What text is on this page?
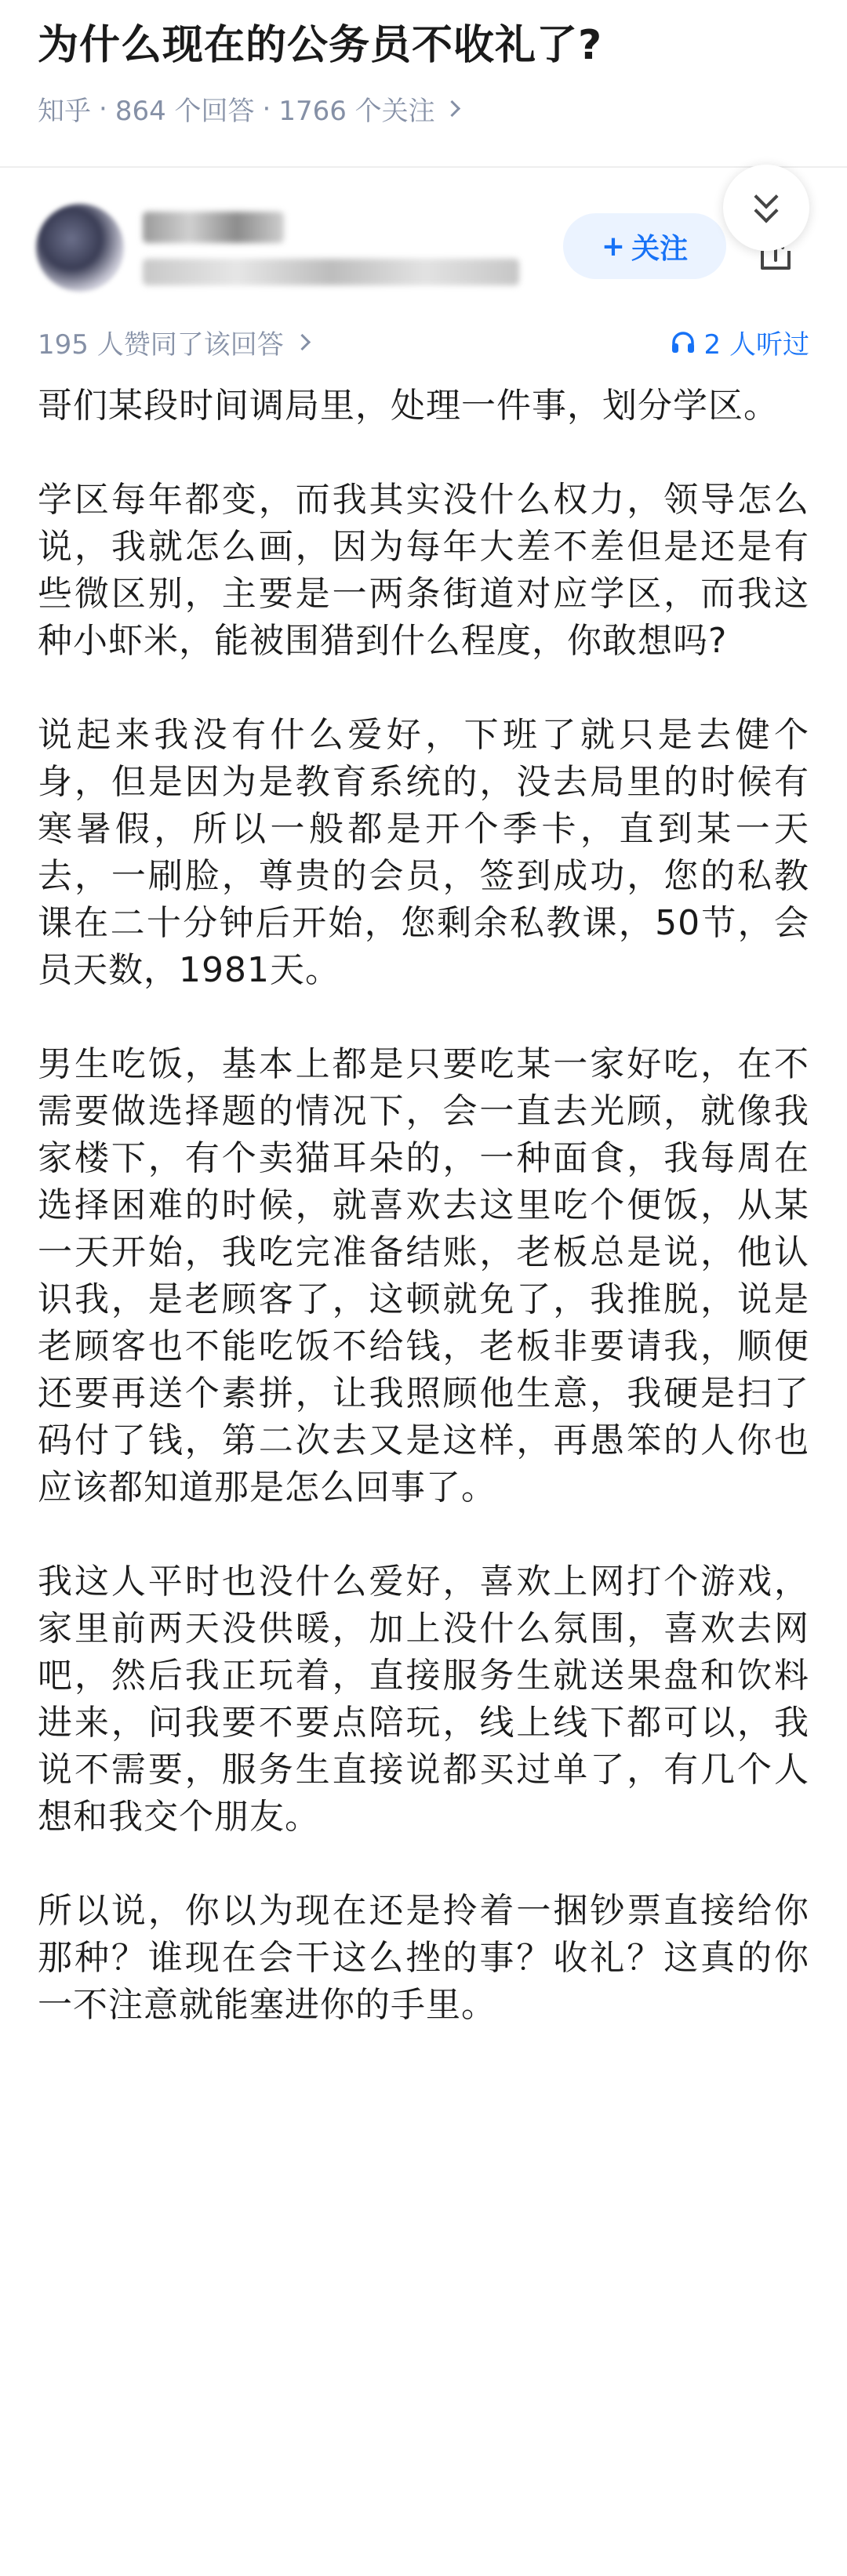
为什么现在的公务员不收礼了?
知乎 · 864 个回答 · 1766 个关注
+ 关注
195 人赞同了该回答	2 人听过

哥们某段时间调局里，处理一件事，划分学区。

学区每年都变，而我其实没什么权力，领导怎么说，我就怎么画，因为每年大差不差但是还是有些微区别，主要是一两条街道对应学区，而我这种小虾米，能被围猎到什么程度，你敢想吗?

说起来我没有什么爱好，下班了就只是去健个身，但是因为是教育系统的，没去局里的时候有寒暑假，所以一般都是开个季卡，直到某一天去，一刷脸，尊贵的会员，签到成功，您的私教课在二十分钟后开始，您剩余私教课，50节，会员天数，1981天。

男生吃饭，基本上都是只要吃某一家好吃，在不需要做选择题的情况下，会一直去光顾，就像我家楼下，有个卖猫耳朵的，一种面食，我每周在选择困难的时候，就喜欢去这里吃个便饭，从某一天开始，我吃完准备结账，老板总是说，他认识我，是老顾客了，这顿就免了，我推脱，说是老顾客也不能吃饭不给钱，老板非要请我，顺便还要再送个素拼，让我照顾他生意，我硬是扫了码付了钱，第二次去又是这样，再愚笨的人你也应该都知道那是怎么回事了。

我这人平时也没什么爱好，喜欢上网打个游戏，家里前两天没供暖，加上没什么氛围，喜欢去网吧，然后我正玩着，直接服务生就送果盘和饮料进来，问我要不要点陪玩，线上线下都可以，我说不需要，服务生直接说都买过单了，有几个人想和我交个朋友。

所以说，你以为现在还是拎着一捆钞票直接给你那种？谁现在会干这么挫的事？收礼？这真的你一不注意就能塞进你的手里。
